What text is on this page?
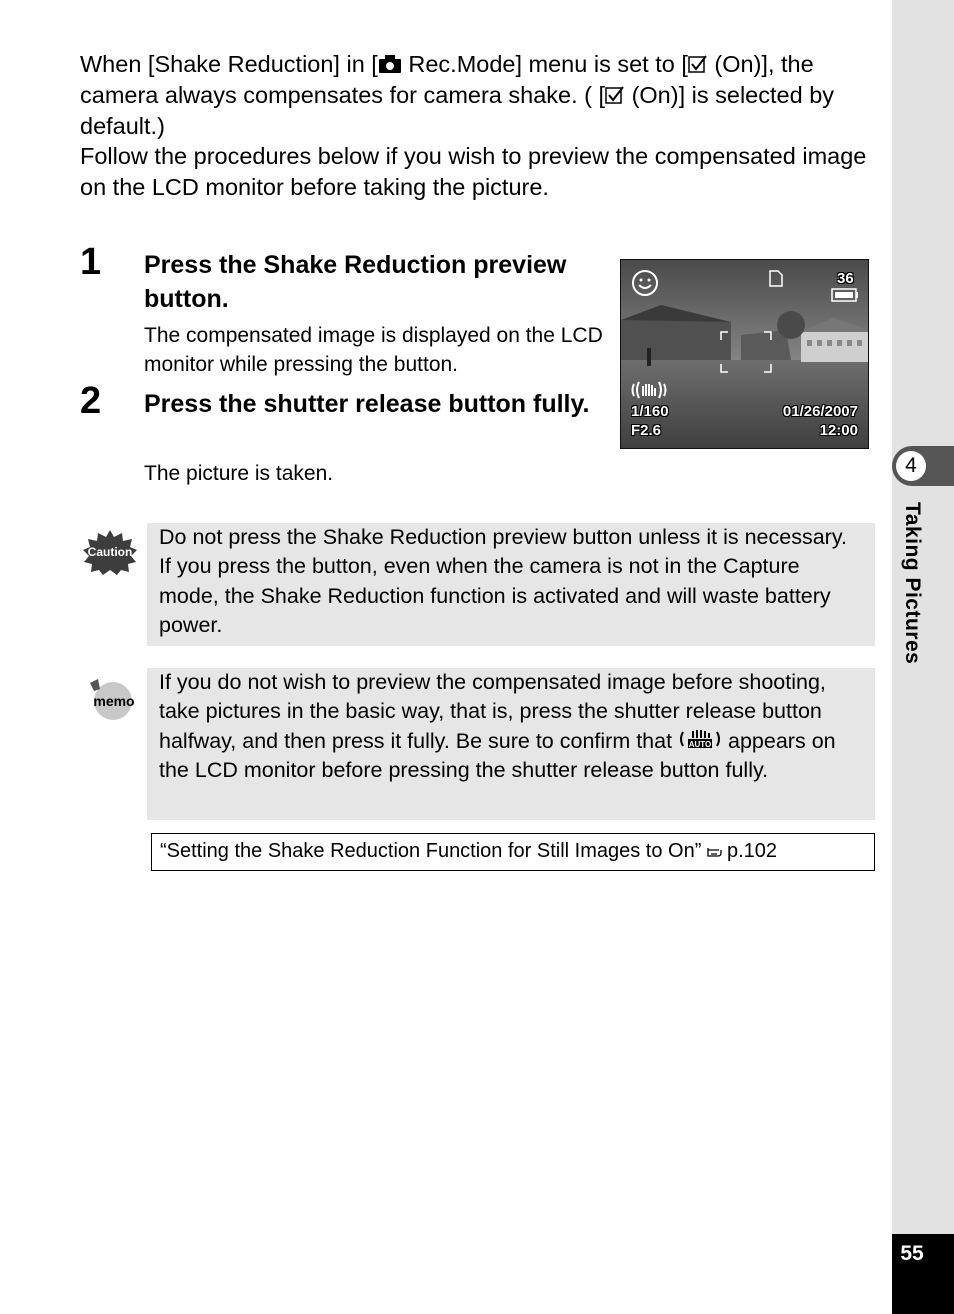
When [Shake Reduction] in [ Rec.Mode] menu is set to [ (On)], the camera always compensates for camera shake. ( [ (On)] is selected by default.)

Follow the procedures below if you wish to preview the compensated image on the LCD monitor before taking the picture.

1 Press the Shake Reduction preview button.
The compensated image is displayed on the LCD monitor while pressing the button.
2 Press the shutter release button fully.
The picture is taken.
36
1/160
F2.6
01/26/2007
12:00
Caution
Do not press the Shake Reduction preview button unless it is necessary. If you press the button, even when the camera is not in the Capture mode, the Shake Reduction function is activated and will waste battery power.
memo
If you do not wish to preview the compensated image before shooting, take pictures in the basic way, that is, press the shutter release button halfway, and then press it fully. Be sure to confirm that AUTO appears on the LCD monitor before pressing the shutter release button fully.
“Setting the Shake Reduction Function for Still Images to On” p.102
4
Taking Pictures
55
